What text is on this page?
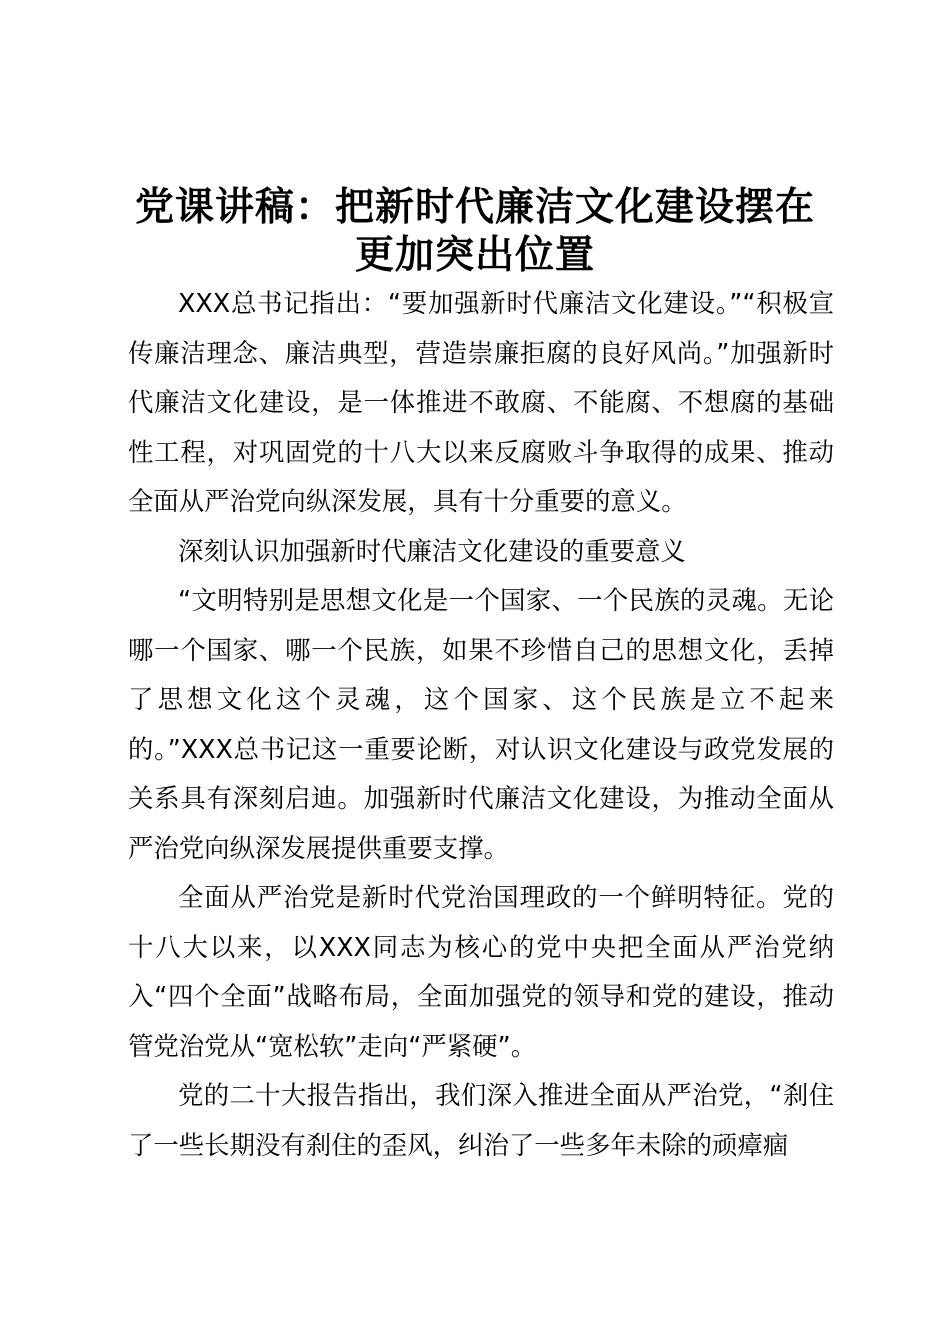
党课讲稿：把新时代廉洁文化建设摆在
更加突出位置

XXX总书记指出：“要加强新时代廉洁文化建设。”“积极宣传廉洁理念、廉洁典型，营造崇廉拒腐的良好风尚。”加强新时代廉洁文化建设，是一体推进不敢腐、不能腐、不想腐的基础性工程，对巩固党的十八大以来反腐败斗争取得的成果、推动全面从严治党向纵深发展，具有十分重要的意义。

深刻认识加强新时代廉洁文化建设的重要意义

“文明特别是思想文化是一个国家、一个民族的灵魂。无论哪一个国家、哪一个民族，如果不珍惜自己的思想文化，丢掉了思想文化这个灵魂，这个国家、这个民族是立不起来的。”XXX总书记这一重要论断，对认识文化建设与政党发展的关系具有深刻启迪。加强新时代廉洁文化建设，为推动全面从严治党向纵深发展提供重要支撑。

全面从严治党是新时代党治国理政的一个鲜明特征。党的十八大以来，以XXX同志为核心的党中央把全面从严治党纳入“四个全面”战略布局，全面加强党的领导和党的建设，推动管党治党从“宽松软”走向“严紧硬”。

党的二十大报告指出，我们深入推进全面从严治党，“刹住了一些长期没有刹住的歪风，纠治了一些多年未除的顽瘴痼
